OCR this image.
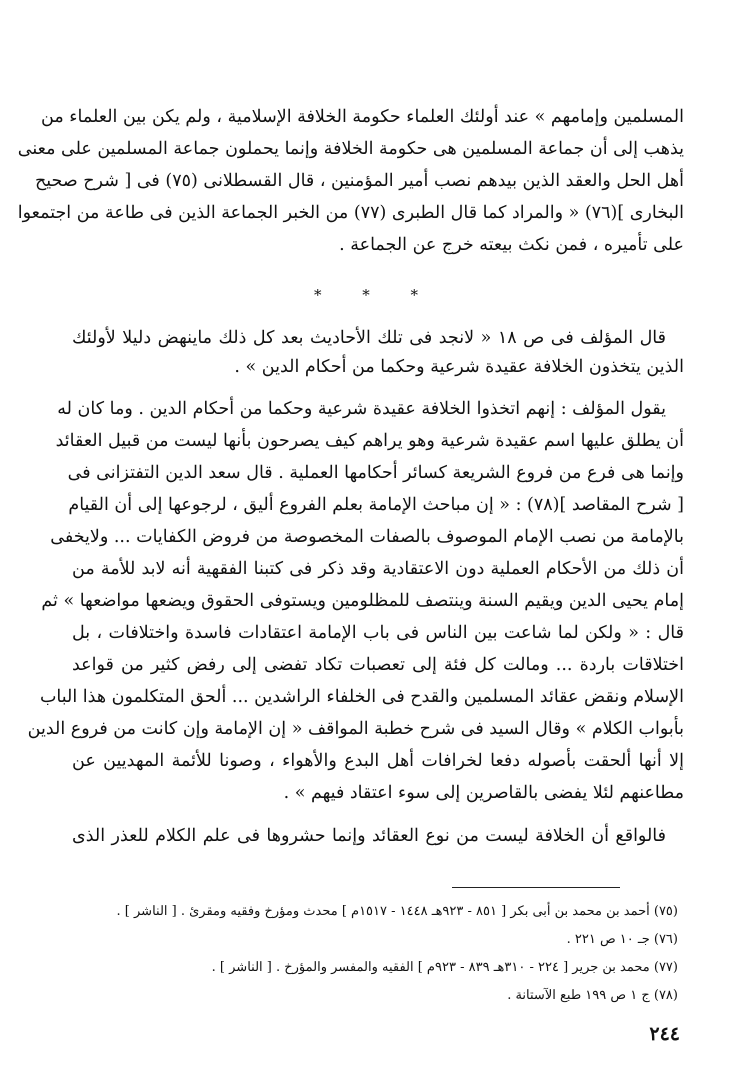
المسلمين وإمامهم » عند أولئك العلماء حكومة الخلافة الإسلامية ، ولم يكن بين العلماء من
يذهب إلى أن جماعة المسلمين هى حكومة الخلافة وإنما يحملون جماعة المسلمين على معنى
أهل الحل والعقد الذين بيدهم نصب أمير المؤمنين ، قال القسطلانى (٧٥) فى [ شرح صحيح
البخارى ](٧٦) « والمراد كما قال الطبرى (٧٧) من الخبر الجماعة الذين فى طاعة من اجتمعوا
على تأميره ، فمن نكث بيعته خرج عن الجماعة .
* * *
قال المؤلف فى ص ١٨ « لانجد فى تلك الأحاديث بعد كل ذلك ماينهض دليلا لأولئك
الذين يتخذون الخلافة عقيدة شرعية وحكما من أحكام الدين » .
يقول المؤلف : إنهم اتخذوا الخلافة عقيدة شرعية وحكما من أحكام الدين . وما كان له
أن يطلق عليها اسم عقيدة شرعية وهو يراهم كيف يصرحون بأنها ليست من قبيل العقائد
وإنما هى فرع من فروع الشريعة كسائر أحكامها العملية . قال سعد الدين التفتزانى فى
[ شرح المقاصد ](٧٨) : « إن مباحث الإمامة بعلم الفروع أليق ، لرجوعها إلى أن القيام
بالإمامة من نصب الإمام الموصوف بالصفات المخصوصة من فروض الكفايات ... ولايخفى
أن ذلك من الأحكام العملية دون الاعتقادية وقد ذكر فى كتبنا الفقهية أنه لابد للأمة من
إمام يحيى الدين ويقيم السنة وينتصف للمظلومين ويستوفى الحقوق ويضعها مواضعها » ثم
قال : « ولكن لما شاعت بين الناس فى باب الإمامة اعتقادات فاسدة واختلافات ، بل
اختلاقات باردة ... ومالت كل فئة إلى تعصبات تكاد تفضى إلى رفض كثير من قواعد
الإسلام ونقض عقائد المسلمين والقدح فى الخلفاء الراشدين ... ألحق المتكلمون هذا الباب
بأبواب الكلام » وقال السيد فى شرح خطبة المواقف « إن الإمامة وإن كانت من فروع الدين
إلا أنها ألحقت بأصوله دفعا لخرافات أهل البدع والأهواء ، وصونا للأئمة المهديين عن
مطاعنهم لئلا يفضى بالقاصرين إلى سوء اعتقاد فيهم » .
فالواقع أن الخلافة ليست من نوع العقائد وإنما حشروها فى علم الكلام للعذر الذى
(٧٥) أحمد بن محمد بن أبى بكر [ ٨٥١ - ٩٢٣هـ ١٤٤٨ - ١٥١٧م ] محدث ومؤرخ وفقيه ومقرئ . [ الناشر ] .
(٧٦) جـ ١٠ ص ٢٢١ .
(٧٧) محمد بن جرير [ ٢٢٤ - ٣١٠هـ ٨٣٩ - ٩٢٣م ] الفقيه والمفسر والمؤرخ . [ الناشر ] .
(٧٨) ج ١ ص ١٩٩ طبع الآستانة .
٢٤٤
